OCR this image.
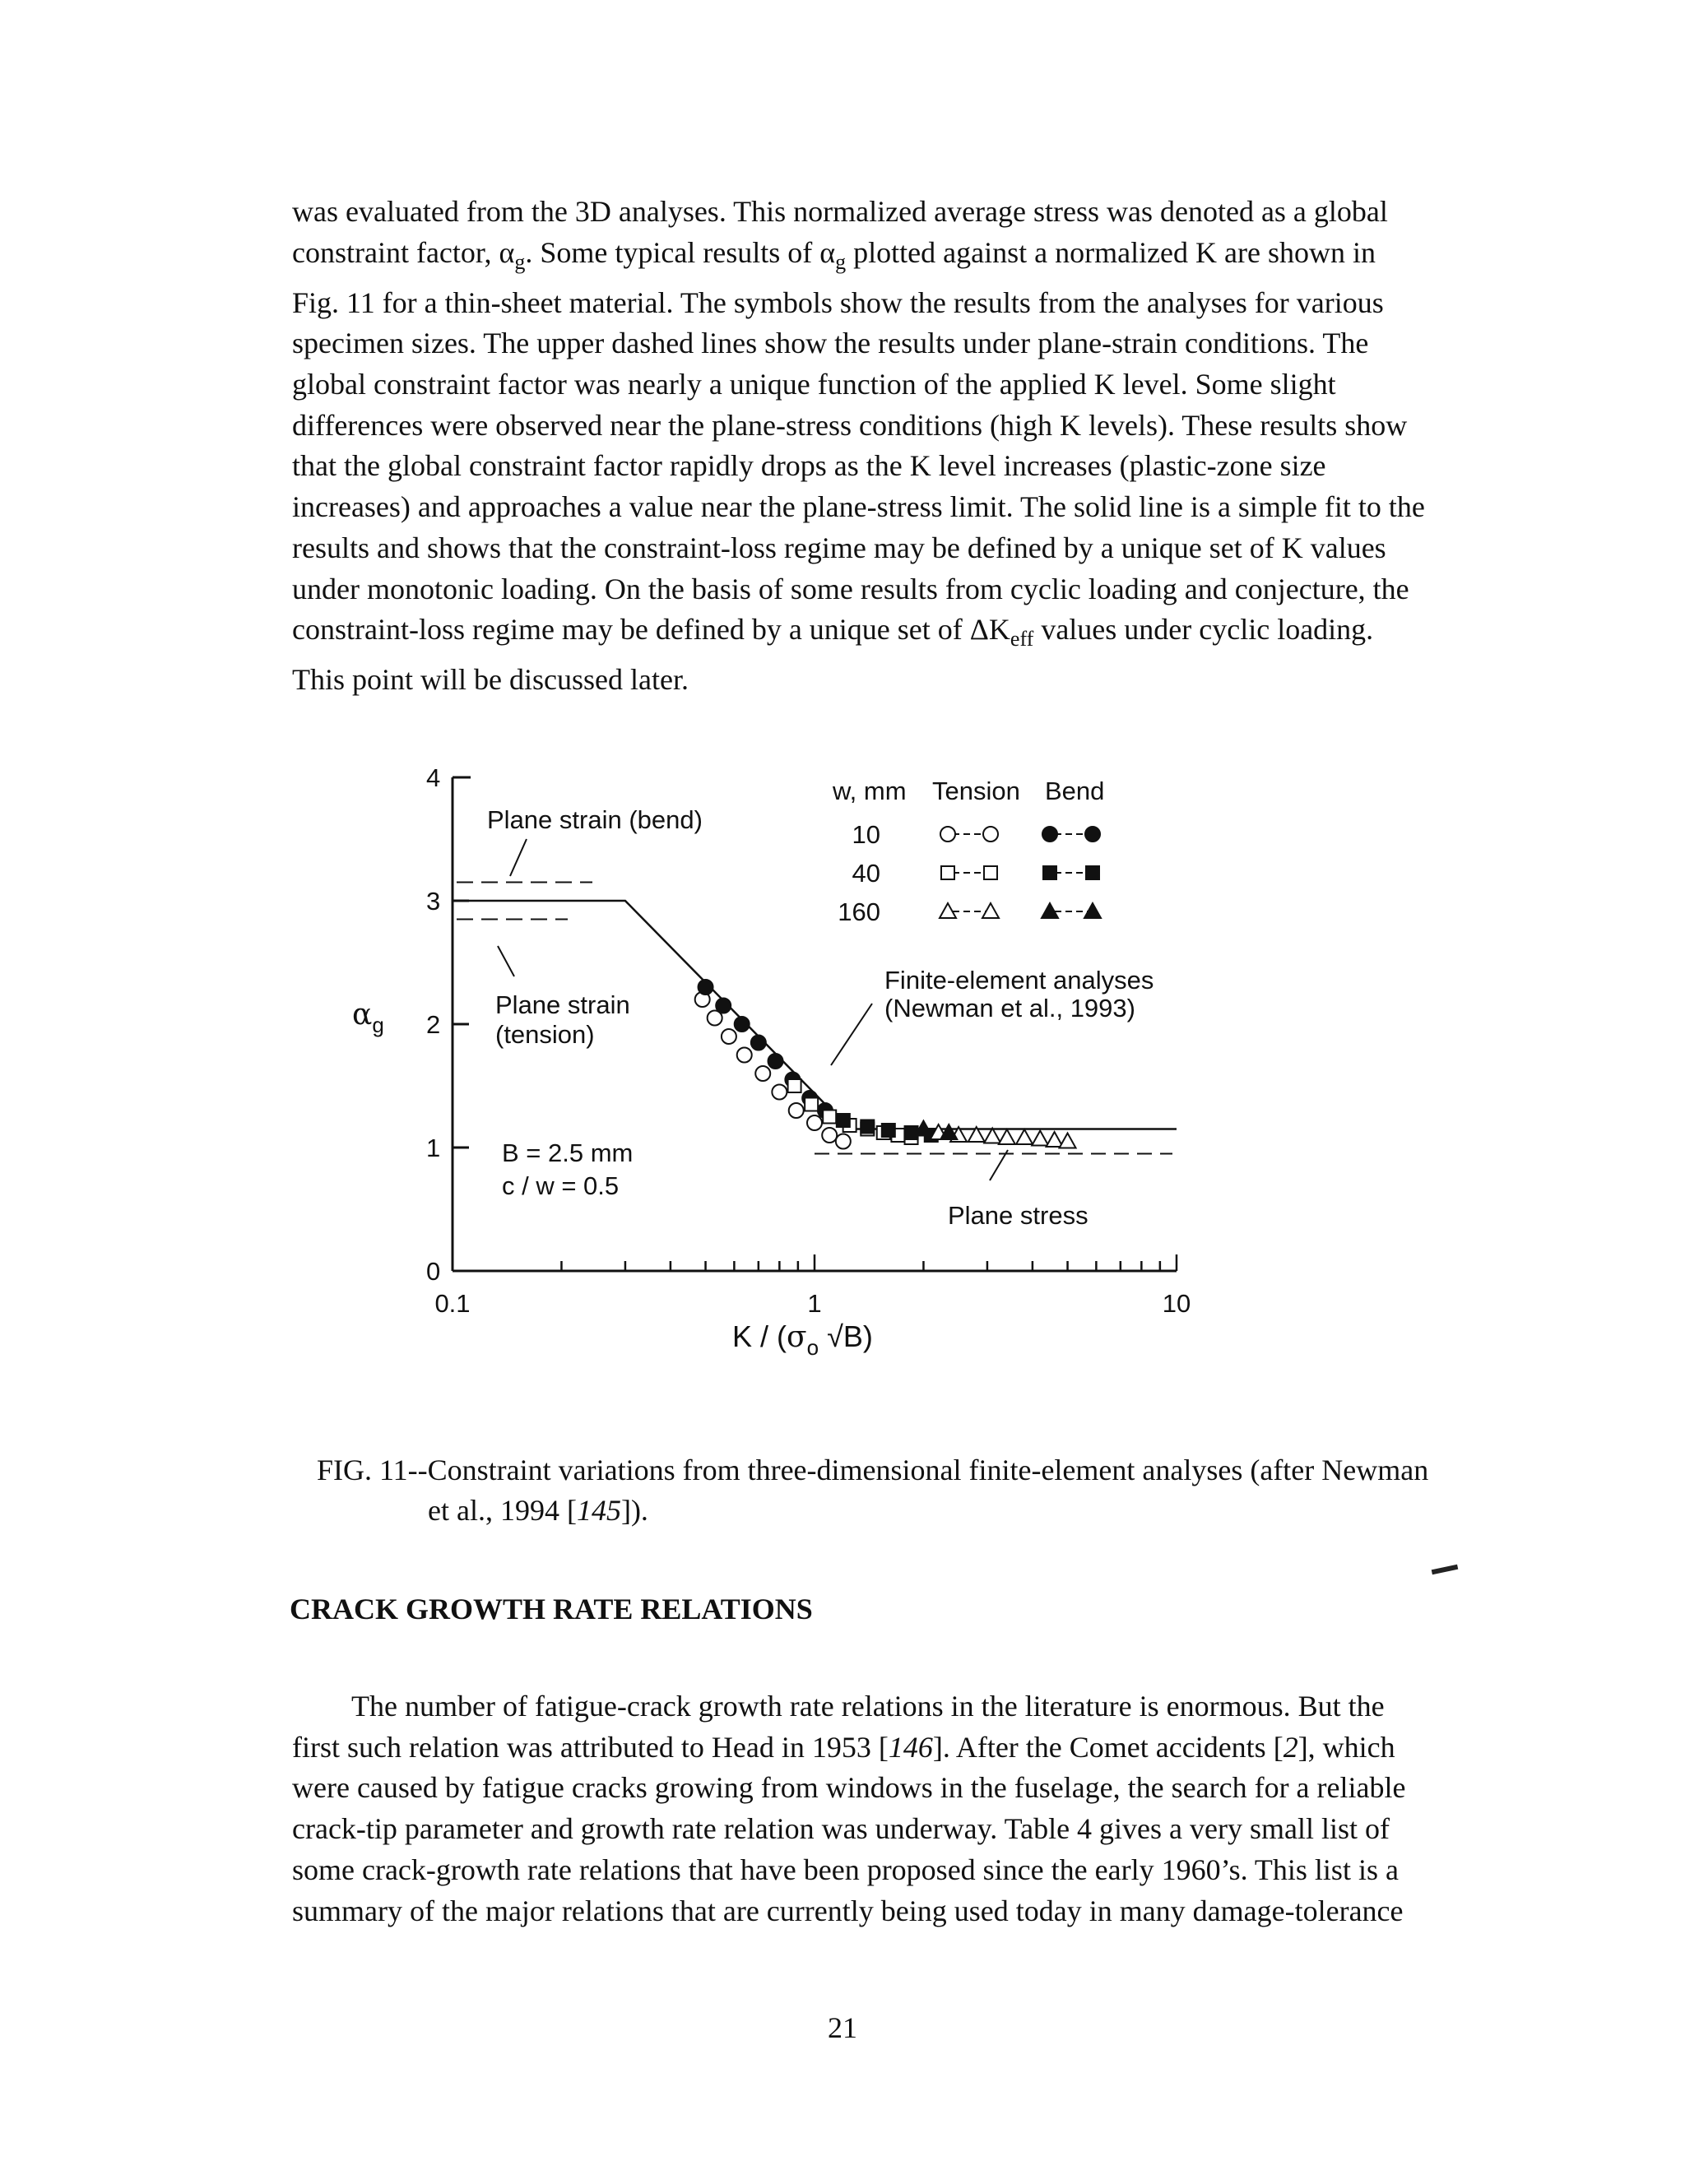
was evaluated from the 3D analyses. This normalized average stress was denoted as a global
constraint factor, $\alpha_g$. Some typical results of $\alpha_g$ plotted against a normalized K are shown in
Fig. 11 for a thin-sheet material. The symbols show the results from the analyses for various
specimen sizes. The upper dashed lines show the results under plane-strain conditions. The
global constraint factor was nearly a unique function of the applied K level. Some slight
differences were observed near the plane-stress conditions (high K levels). These results show
that the global constraint factor rapidly drops as the K level increases (plastic-zone size
increases) and approaches a value near the plane-stress limit. The solid line is a simple fit to the
results and shows that the constraint-loss regime may be defined by a unique set of K values
under monotonic loading. On the basis of some results from cyclic loading and conjecture, the
constraint-loss regime may be defined by a unique set of $\Delta K_{eff}$ values under cyclic loading.
This point will be discussed later.
0
1
2
3
4
0.1	1	10
$\alpha_g$
K / ($\sigma_o$ √B)
Plane strain (bend)
Plane strain
(tension)
Finite-element analyses
(Newman et al., 1993)
Plane stress
B = 2.5 mm
c / w = 0.5
w, mm Tension Bend
10
40
160
FIG. 11--Constraint variations from three-dimensional finite-element analyses (after Newman
et al., 1994 [145]).
CRACK GROWTH RATE RELATIONS
The number of fatigue-crack growth rate relations in the literature is enormous. But the
first such relation was attributed to Head in 1953 [146]. After the Comet accidents [2], which
were caused by fatigue cracks growing from windows in the fuselage, the search for a reliable
crack-tip parameter and growth rate relation was underway. Table 4 gives a very small list of
some crack-growth rate relations that have been proposed since the early 1960’s. This list is a
summary of the major relations that are currently being used today in many damage-tolerance
21
